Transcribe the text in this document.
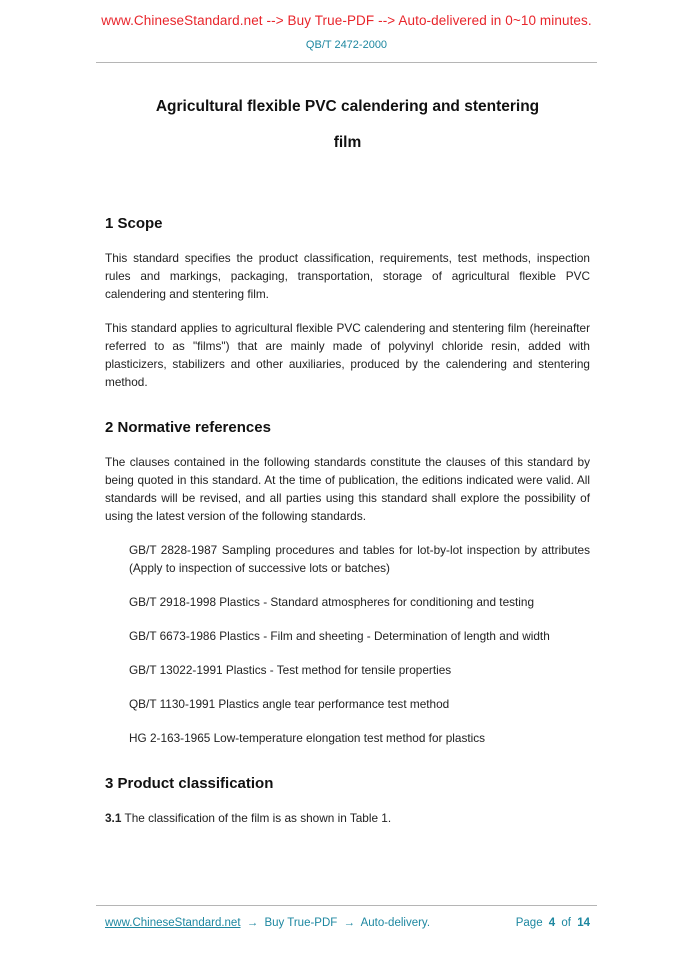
www.ChineseStandard.net --> Buy True-PDF --> Auto-delivered in 0~10 minutes.
QB/T 2472-2000
Agricultural flexible PVC calendering and stentering
film
1 Scope

This standard specifies the product classification, requirements, test methods, inspection rules and markings, packaging, transportation, storage of agricultural flexible PVC calendering and stentering film.

This standard applies to agricultural flexible PVC calendering and stentering film (hereinafter referred to as "films") that are mainly made of polyvinyl chloride resin, added with plasticizers, stabilizers and other auxiliaries, produced by the calendering and stentering method.

2 Normative references

The clauses contained in the following standards constitute the clauses of this standard by being quoted in this standard. At the time of publication, the editions indicated were valid. All standards will be revised, and all parties using this standard shall explore the possibility of using the latest version of the following standards.

GB/T 2828-1987 Sampling procedures and tables for lot-by-lot inspection by attributes (Apply to inspection of successive lots or batches)

GB/T 2918-1998 Plastics - Standard atmospheres for conditioning and testing

GB/T 6673-1986 Plastics - Film and sheeting - Determination of length and width

GB/T 13022-1991 Plastics - Test method for tensile properties

QB/T 1130-1991 Plastics angle tear performance test method

HG 2-163-1965 Low-temperature elongation test method for plastics

3 Product classification

3.1 The classification of the film is as shown in Table 1.

www.ChineseStandard.net → Buy True-PDF → Auto-delivery.	Page 4 of 14
